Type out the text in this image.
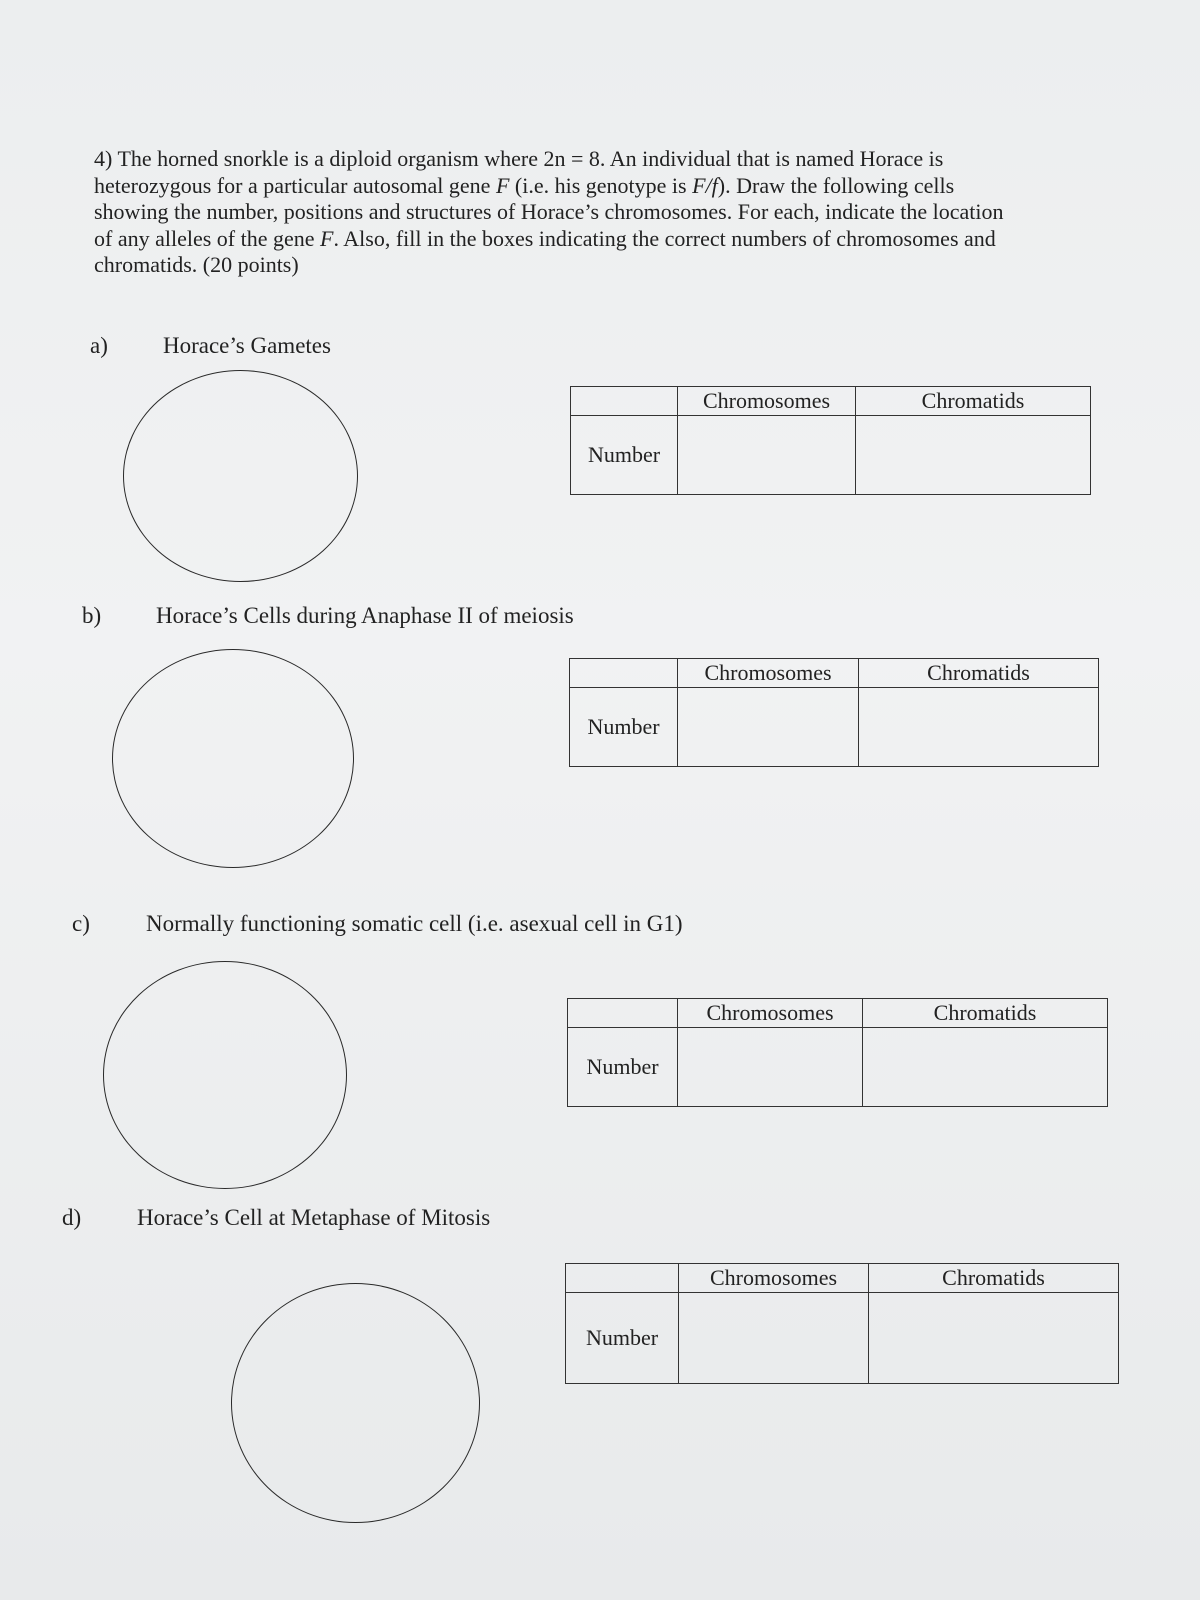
4) The horned snorkle is a diploid organism where 2n = 8. An individual that is named Horace is
heterozygous for a particular autosomal gene F (i.e. his genotype is F/f). Draw the following cells
showing the number, positions and structures of Horace’s chromosomes. For each, indicate the location
of any alleles of the gene F. Also, fill in the boxes indicating the correct numbers of chromosomes and
chromatids. (20 points)

a) Horace’s Gametes
	Chromosomes	Chromatids
Number		
b) Horace’s Cells during Anaphase II of meiosis
	Chromosomes	Chromatids
Number		
c) Normally functioning somatic cell (i.e. asexual cell in G1)
	Chromosomes	Chromatids
Number		
d) Horace’s Cell at Metaphase of Mitosis
	Chromosomes	Chromatids
Number		
